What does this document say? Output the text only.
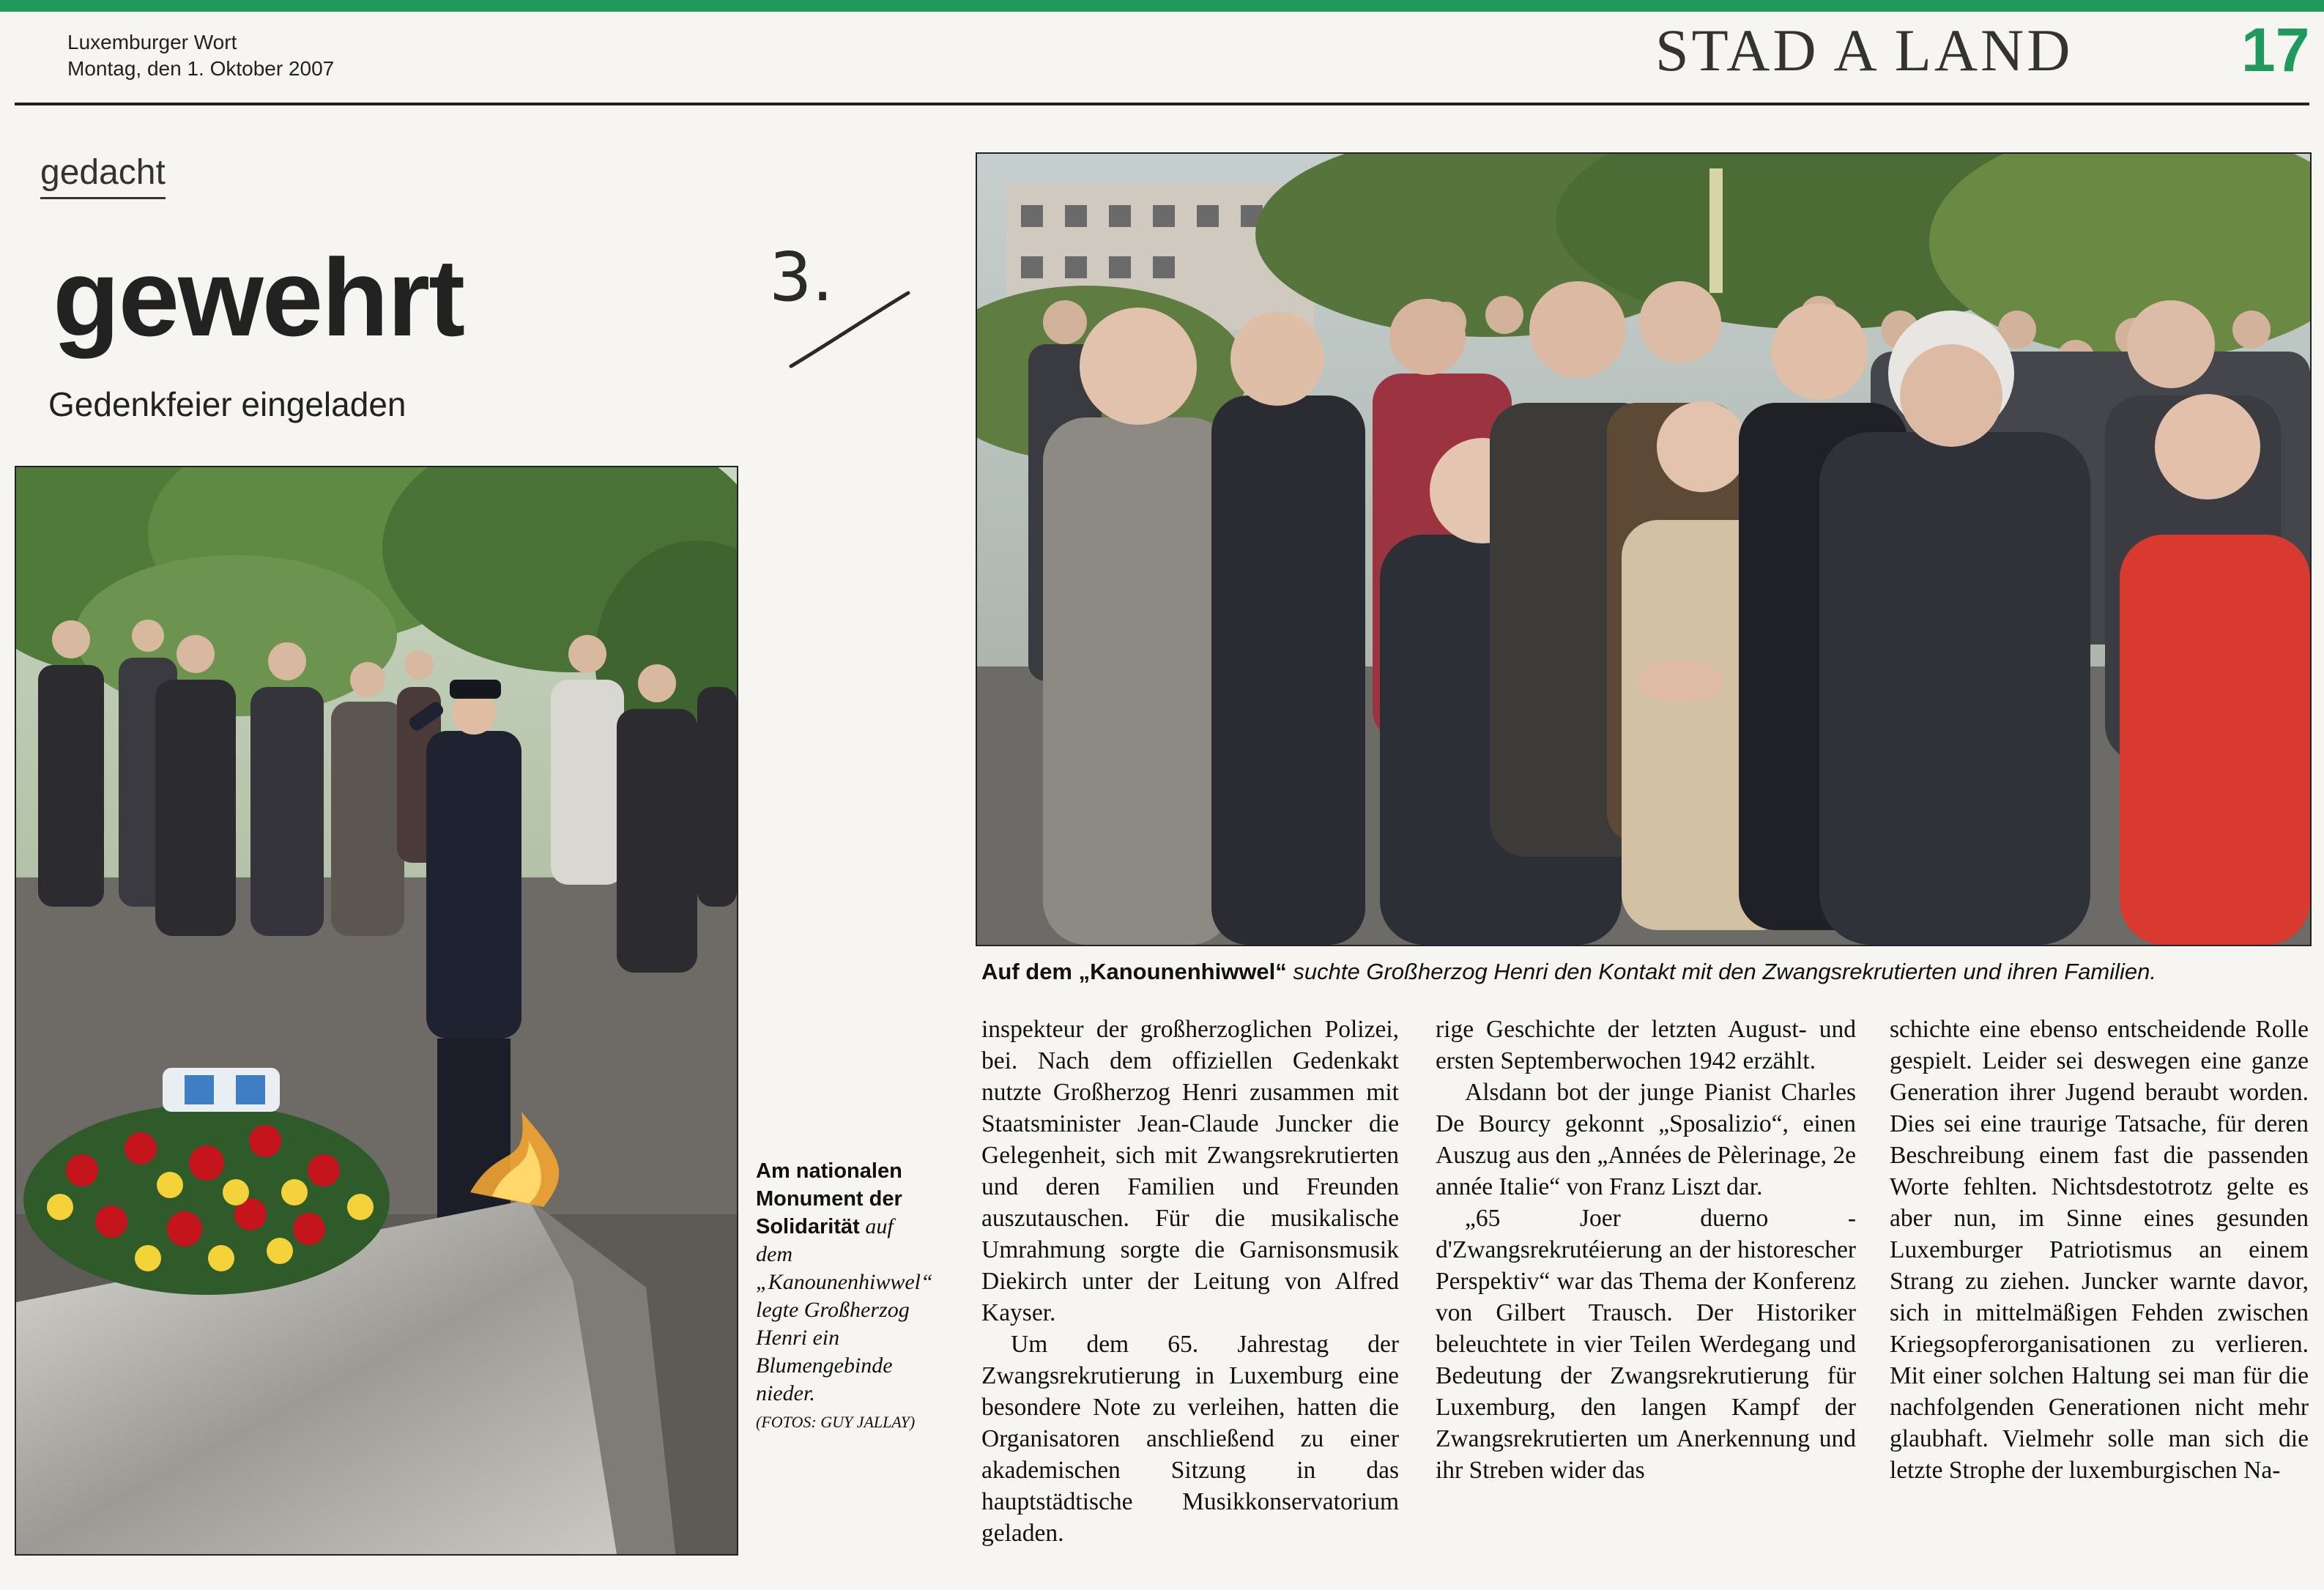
Luxemburger Wort
Montag, den 1. Oktober 2007	STAD A LAND	17
gedacht
gewehrt
Gedenkfeier eingeladen
3.
Auf dem „Kanounenhiwwel“ suchte Großherzog Henri den Kontakt mit den Zwangsrekrutierten und ihren Familien.
Am nationalen Monument der Solidarität auf dem „Kanounenhiwwel“ legte Großherzog Henri ein Blumengebinde nieder.
(FOTOS: GUY JALLAY)

inspekteur der großherzoglichen Polizei, bei. Nach dem offiziellen Gedenkakt nutzte Großherzog Henri zusammen mit Staatsminister Jean-Claude Juncker die Gelegenheit, sich mit Zwangsrekrutierten und deren Familien und Freunden auszutauschen. Für die musikalische Umrahmung sorgte die Garnisonsmusik Diekirch unter der Leitung von Alfred Kayser.

Um dem 65. Jahrestag der Zwangsrekrutierung in Luxemburg eine besondere Note zu verleihen, hatten die Organisatoren anschließend zu einer akademischen Sitzung in das hauptstädtische Musikkonservatorium geladen.

rige Geschichte der letzten August- und ersten Septemberwochen 1942 erzählt.

Alsdann bot der junge Pianist Charles De Bourcy gekonnt „Sposalizio“, einen Auszug aus den „Années de Pèlerinage, 2e année Italie“ von Franz Liszt dar.

„65 Joer duerno - d'Zwangsrekrutéierung an der historescher Perspektiv“ war das Thema der Konferenz von Gilbert Trausch. Der Historiker beleuchtete in vier Teilen Werdegang und Bedeutung der Zwangsrekrutierung für Luxemburg, den langen Kampf der Zwangsrekrutierten um Anerkennung und ihr Streben wider das

schichte eine ebenso entscheidende Rolle gespielt. Leider sei deswegen eine ganze Generation ihrer Jugend beraubt worden. Dies sei eine traurige Tatsache, für deren Beschreibung einem fast die passenden Worte fehlten. Nichtsdestotrotz gelte es aber nun, im Sinne eines gesunden Luxemburger Patriotismus an einem Strang zu ziehen. Juncker warnte davor, sich in mittelmäßigen Fehden zwischen Kriegsopferorganisationen zu verlieren. Mit einer solchen Haltung sei man für die nachfolgenden Generationen nicht mehr glaubhaft. Vielmehr solle man sich die letzte Strophe der luxemburgischen Na-
